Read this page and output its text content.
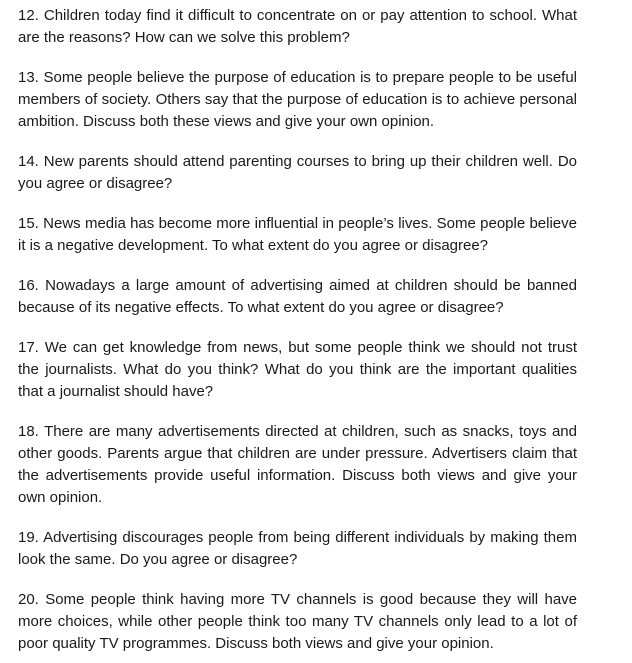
12. Children today find it difficult to concentrate on or pay attention to school. What are the reasons? How can we solve this problem?

13. Some people believe the purpose of education is to prepare people to be useful members of society. Others say that the purpose of education is to achieve personal ambition. Discuss both these views and give your own opinion.

14. New parents should attend parenting courses to bring up their children well. Do you agree or disagree?

15. News media has become more influential in people’s lives. Some people believe it is a negative development. To what extent do you agree or disagree?

16. Nowadays a large amount of advertising aimed at children should be banned because of its negative effects. To what extent do you agree or disagree?

17. We can get knowledge from news, but some people think we should not trust the journalists. What do you think? What do you think are the important qualities that a journalist should have?

18. There are many advertisements directed at children, such as snacks, toys and other goods. Parents argue that children are under pressure. Advertisers claim that the advertisements provide useful information. Discuss both views and give your own opinion.

19. Advertising discourages people from being different individuals by making them look the same. Do you agree or disagree?

20. Some people think having more TV channels is good because they will have more choices, while other people think too many TV channels only lead to a lot of poor quality TV programmes. Discuss both views and give your opinion.
